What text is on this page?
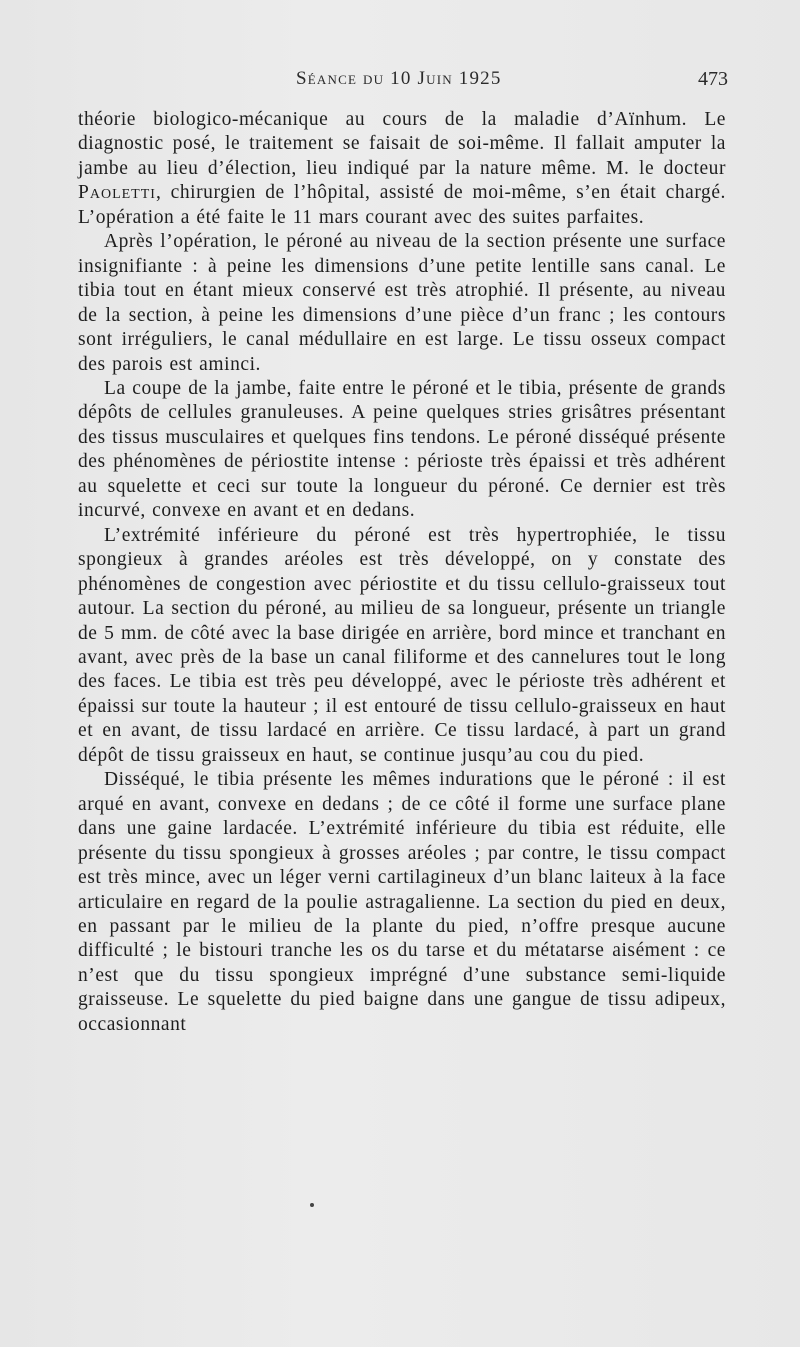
Séance du 10 Juin 1925	473

théorie biologico-mécanique au cours de la maladie d’Aïnhum. Le diagnostic posé, le traitement se faisait de soi-même. Il fallait amputer la jambe au lieu d’élection, lieu indiqué par la nature même. M. le docteur Paoletti, chirurgien de l’hôpital, assisté de moi-même, s’en était chargé. L’opération a été faite le 11 mars courant avec des suites parfaites.

Après l’opération, le péroné au niveau de la section présente une surface insignifiante : à peine les dimensions d’une petite lentille sans canal. Le tibia tout en étant mieux conservé est très atrophié. Il présente, au niveau de la section, à peine les dimensions d’une pièce d’un franc ; les contours sont irréguliers, le canal médullaire en est large. Le tissu osseux compact des parois est aminci.

La coupe de la jambe, faite entre le péroné et le tibia, présente de grands dépôts de cellules granuleuses. A peine quelques stries grisâtres présentant des tissus musculaires et quelques fins tendons. Le péroné disséqué présente des phénomènes de périostite intense : périoste très épaissi et très adhérent au squelette et ceci sur toute la longueur du péroné. Ce dernier est très incurvé, convexe en avant et en dedans.

L’extrémité inférieure du péroné est très hypertrophiée, le tissu spongieux à grandes aréoles est très développé, on y constate des phénomènes de congestion avec périostite et du tissu cellulo-graisseux tout autour. La section du péroné, au milieu de sa longueur, présente un triangle de 5 mm. de côté avec la base dirigée en arrière, bord mince et tranchant en avant, avec près de la base un canal filiforme et des cannelures tout le long des faces. Le tibia est très peu développé, avec le périoste très adhérent et épaissi sur toute la hauteur ; il est entouré de tissu cellulo-graisseux en haut et en avant, de tissu lardacé en arrière. Ce tissu lardacé, à part un grand dépôt de tissu graisseux en haut, se continue jusqu’au cou du pied.

Disséqué, le tibia présente les mêmes indurations que le péroné : il est arqué en avant, convexe en dedans ; de ce côté il forme une surface plane dans une gaine lardacée. L’extrémité inférieure du tibia est réduite, elle présente du tissu spongieux à grosses aréoles ; par contre, le tissu compact est très mince, avec un léger verni cartilagineux d’un blanc laiteux à la face articulaire en regard de la poulie astragalienne. La section du pied en deux, en passant par le milieu de la plante du pied, n’offre presque aucune difficulté ; le bistouri tranche les os du tarse et du métatarse aisément : ce n’est que du tissu spongieux imprégné d’une substance semi-liquide graisseuse. Le squelette du pied baigne dans une gangue de tissu adipeux, occasionnant
